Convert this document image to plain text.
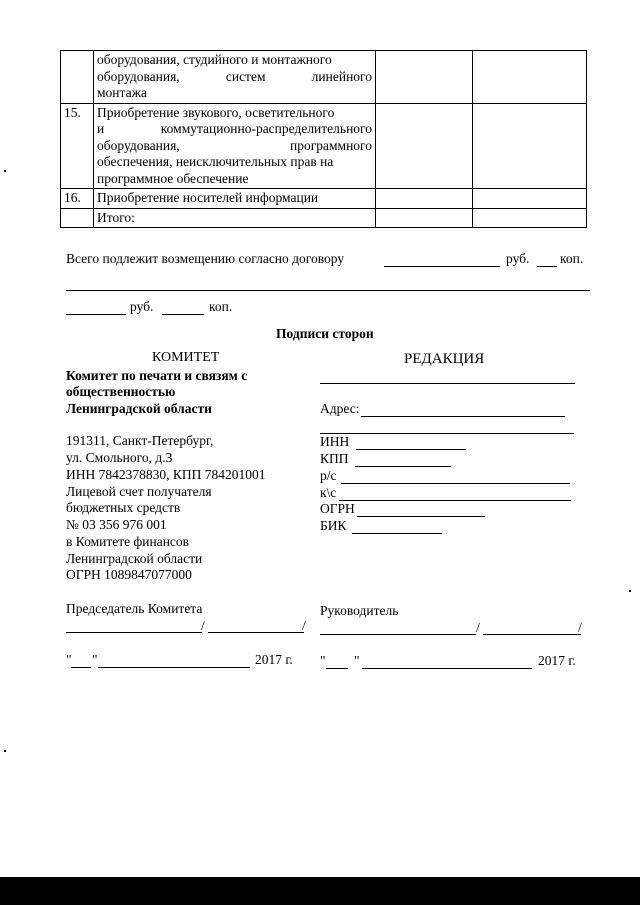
	оборудования, студийного и монтажного
оборудования, систем линейного
монтажа		

15.	Приобретение звукового, осветительного
и коммутационно-распределительного
оборудования, программного
обеспечения, неисключительных прав на
программное обеспечение		

16.	Приобретение носителей информации		

	Итого:		

Всего подлежит возмещению согласно договору	руб. коп.
руб.	коп.
Подписи сторон
КОМИТЕТ
Комитет по печати и связям с
общественностью
Ленинградской области
191311, Санкт-Петербург,
ул. Смольного, д.3
ИНН 7842378830, КПП 784201001
Лицевой счет получателя
бюджетных средств
№ 03 356 976 001
в Комитете финансов
Ленинградской области
ОГРН 1089847077000
Председатель Комитета
/	/
" "	2017 г.
РЕДАКЦИЯ
Адрес:
ИНН
КПП
р/с
к\с
ОГРН
БИК
Руководитель
/	/
" "	2017 г.
